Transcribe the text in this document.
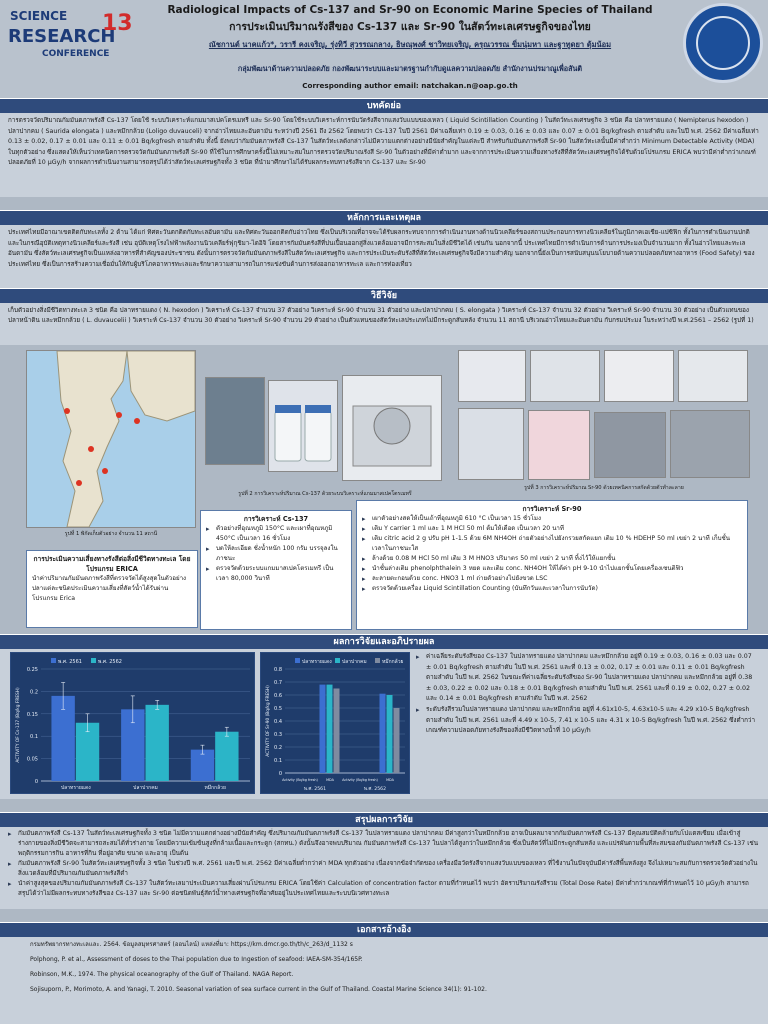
SCIENCE
RESEARCH
CONFERENCE
13
Radiological Impacts of Cs-137 and Sr-90 on Economic Marine Species of Thailand
การประเมินปริมาณรังสีของ Cs-137 และ Sr-90 ในสัตว์ทะเลเศรษฐกิจของไทย
ณัชกานต์ นาคแก้ว*, วรารี คงเจริญ, รุ่งทิวี สุวรรณกลาง, ธิษณุพงศ์ ชาวิทยเจริญ, ครุณวรรณ ขิ่มนุ่มหา และฐาทูดยา ตุ้มน้อม
กลุ่มพัฒนาด้านความปลอดภัย กองพัฒนาระบบและมาตรฐานกำกับดูแลความปลอดภัย สำนักงานปรมาณูเพื่อสันติ
Corresponding author email: natchakan.n@oap.go.th
บทคัดย่อ
การตรวจวัดปริมาณกัมมันตภาพรังสี Cs-137 โดยใช้ ระบบวิเคราะห์แกมมาสเปคโตรเมทรี และ Sr-90 โดยใช้ระบบวิเคราะห์การนับวัดรังสีจากแสงวับแบบของเหลว ( Liquid Scintillation Counting ) ในสัตว์ทะเลเศรษฐกิจ 3 ชนิด คือ ปลาทรายแดง ( Nemipterus hexodon ) ปลาปากคม ( Saurida elongata ) และหมึกกล้วย (Loligo duvauceli) จากอ่าวไทยและอันดามัน ระหว่างปี 2561 ถึง 2562 โดยพบว่า Cs-137 ในปี 2561 มีค่าเฉลี่ยเท่า 0.19 ± 0.03, 0.16 ± 0.03 และ 0.07 ± 0.01 Bq/kgfresh ตามลำดับ และในปี พ.ศ. 2562 มีค่าเฉลี่ยเท่า 0.13 ± 0.02, 0.17 ± 0.01 และ 0.11 ± 0.01 Bq/kgfresh ตามลำดับ ทั้งนี้ ยังพบว่ากัมมันตภาพรังสี Cs-137 ในสัตว์ทะเลดังกล่าวไม่มีความแตกต่างอย่างมีนัยสำคัญในแต่ละปี สำหรับกัมมันตภาพรังสี Sr-90 ในสัตว์ทะเลนั้นมีค่าต่ำกว่า Minimum Detectable Activity (MDA) ในทุกตัวอย่าง ซึ่งแสดงให้เห็นว่าเทคนิคการตรวจวัดกัมมันตภาพรังสี Sr-90 ที่ใช้ในการศึกษาครั้งนี้ไม่เหมาะสมในการตรวจวัดปริมาณรังสี Sr-90 ในตัวอย่างที่มีค่าต่ำมาก และจากการประเมินความเสี่ยงทางรังสีที่สัตว์ทะเลเศรษฐกิจได้รับด้วยโปรแกรม ERICA พบว่ามีค่าต่ำกว่าเกณฑ์ปลอดภัยที่ 10 μGy/h จากผลการดำเนินงานสามารถสรุปได้ว่าสัตว์ทะเลเศรษฐกิจทั้ง 3 ชนิด ที่นำมาศึกษาไม่ได้รับผลกระทบทางรังสีจาก Cs-137 และ Sr-90
หลักการและเหตุผล
ประเทศไทยมีอาณาเขตติดกับทะเลทั้ง 2 ด้าน ได้แก่ ทิศตะวันตกติดกับทะเลอันดามัน และทิศตะวันออกติดกับอ่าวไทย ซึ่งเป็นบริเวณที่อาจจะได้รับผลกระทบจากการดำเนินงานทางด้านนิวเคลียร์ของสถานประกอบการทางนิวเคลียร์ในภูมิภาคเอเชีย-แปซิฟิก ทั้งในการดำเนินงานปกติและในกรณีอุบัติเหตุทางนิวเคลียร์และรังสี เช่น อุบัติเหตุโรงไฟฟ้าพลังงานนิวเคลียร์ฟุกุชิมา-ไดอิจิ โดยสารกัมมันตรังสีที่ปนเปื้อนออกสู่สิ่งแวดล้อมอาจมีการสะสมในสิ่งมีชีวิตได้ เช่นกัน นอกจากนี้ ประเทศไทยมีการดำเนินการด้านการประมงเป็นจำนวนมาก ทั้งในอ่าวไทยและทะเลอันดามัน ซึ่งสัตว์ทะเลเศรษฐกิจเป็นแหล่งอาหารที่สำคัญของประชาชน ดังนั้นการตรวจวัดกัมมันตภาพรังสีในสัตว์ทะเลเศรษฐกิจ และการประเมินระดับรังสีที่สัตว์ทะเลเศรษฐกิจจึงมีความสำคัญ นอกจากนี้ยังเป็นการสนับสนุนนโยบายด้านความปลอดภัยทางอาหาร (Food Safety) ของประเทศไทย ซึ่งเป็นการสร้างความเชื่อมั่นให้กับผู้บริโภคอาหารทะเลและรักษาความสามารถในการแข่งขันด้านการส่งออกอาหารทะเล และการท่องเที่ยว
วิธีวิจัย
เก็บตัวอย่างสิ่งมีชีวิตทางทะเล 3 ชนิด คือ ปลาทรายแดง ( N. hexodon ) วิเคราะห์ Cs-137 จำนวน 37 ตัวอย่าง วิเคราะห์ Sr-90 จำนวน 31 ตัวอย่าง และปลาปากคม ( S. elongata ) วิเคราะห์ Cs-137 จำนวน 32 ตัวอย่าง วิเคราะห์ Sr-90 จำนวน 30 ตัวอย่าง เป็นตัวแทนของปลาหน้าดิน และหมึกกล้วย ( L. duvaucelii ) วิเคราะห์ Cs-137 จำนวน 30 ตัวอย่าง วิเคราะห์ Sr-90 จำนวน 29 ตัวอย่าง เป็นตัวแทนของสัตว์ทะเลประเภทไม่มีกระดูกสันหลัง จำนวน 11 สถานี บริเวณอ่าวไทยและอันดามัน กับกรมประมง ในระหว่างปี พ.ศ.2561 – 2562 (รูปที่ 1)
รูปที่ 1 พิกัดเก็บตัวอย่าง จำนวน 11 สถานี
การประเมินความเสี่ยงทางรังสีต่อสิ่งมีชีวิตทางทะเล โดยโปรแกรม ERICA
นำค่าปริมาณกัมมันตภาพรังสีที่ตรวจวัดได้สูงสุดในตัวอย่างปลาแต่ละชนิดประเมินความเสี่ยงที่สัตว์น้ำได้รับผ่านโปรแกรม Erica
รูปที่ 2 การวิเคราะห์ปริมาณ Cs-137 ด้วยระบบวิเคราะห์แกมมาสเปคโตรเมทรี
รูปที่ 3 การวิเคราะห์ปริมาณ Sr-90 ด้วยเทคนิคการสกัดด้วยตัวทำละลาย
การวิเคราะห์ Cs-137
▸ ตัวอย่างที่อุณหภูมิ 150°C และเผาที่อุณหภูมิ 450°C เป็นเวลา 16 ชั่วโมง
▸ บดให้ละเอียด ชั่งน้ำหนัก 100 กรัม บรรจุลงในภาชนะ
▸ ตรวจวัดด้วยระบบแกมมาสเปคโตรเมทรี เป็นเวลา 80,000 วินาที
การวิเคราะห์ Sr-90
▸ เผาตัวอย่างสดให้เป็นเถ้าที่อุณหภูมิ 610 °C เป็นเวลา 15 ชั่วโมง
▸ เติม Y carrier 1 ml และ 1 M HCl 50 ml ต้มให้เดือด เป็นเวลา 20 นาที
▸ เติม citric acid 2 g ปรับ pH 1-1.5 ด้วย 6M NH4OH ถ่ายตัวอย่างไปยังกรวยสกัดแยก เติม 10 % HDEHP 50 ml เขย่า 2 นาที เก็บชั้นเวลาในภาชนะใส
▸ ล้างด้วย 0.08 M HCl 50 ml เติม 3 M HNO3 ปริมาตร 50 ml เขย่า 2 นาที ทิ้งไว้ให้แยกชั้น
▸ นำชั้นล่างเติม phenolphthalein 3 หยด และเติม conc. NH4OH ให้ได้ค่า pH 9-10 นำไปแยกชั้นโดยเครื่องเซนติฟิว
▸ ละลายตะกอนด้วย conc. HNO3 1 ml ถ่ายตัวอย่างไปยังขวด LSC
▸ ตรวจวัดด้วยเครื่อง Liquid Scintillation Counting (บันทึกวันและเวลาในการนับวัด)
ผลการวิจัยและอภิปรายผล
0
0.05
0.1
0.15
0.2
0.25
ACTIVITY OF Cs-137 (Bq/kg FRESH)
พ.ศ. 2561	พ.ศ. 2562
ปลาทรายแดง	ปลาปากคม	หมึกกล้วย
0
0.1
0.2
0.3
0.4
0.5
0.6
0.7
0.8
ACTIVITY OF Sr-90 (Bq/kg FRESH)
ปลาทรายแดง ปลาปากคม	หมึกกล้วย
Activity (Bq/kg fresh) MDA Activity (Bq/kg fresh) MDA
พ.ศ. 2561	พ.ศ. 2562
▸ ค่าเฉลี่ยระดับรังสีของ Cs-137 ในปลาทรายแดง ปลาปากคม และหมึกกล้วย อยู่ที่ 0.19 ± 0.03, 0.16 ± 0.03 และ 0.07 ± 0.01 Bq/kgfresh ตามลำดับ ในปี พ.ศ. 2561 และที่ 0.13 ± 0.02, 0.17 ± 0.01 และ 0.11 ± 0.01 Bq/kgfresh ตามลำดับ ในปี พ.ศ. 2562 ในขณะที่ค่าเฉลี่ยระดับรังสีของ Sr-90 ในปลาทรายแดง ปลาปากคม และหมึกกล้วย อยู่ที่ 0.38 ± 0.03, 0.22 ± 0.02 และ 0.18 ± 0.01 Bq/kgfresh ตามลำดับ ในปี พ.ศ. 2561 และที่ 0.19 ± 0.02, 0.27 ± 0.02 และ 0.14 ± 0.01 Bq/kgfresh ตามลำดับ ในปี พ.ศ. 2562
▸ ระดับรังสีรวมในปลาทรายแดง ปลาปากคม และหมึกกล้วย อยู่ที่ 4.61x10-5, 4.63x10-5 และ 4.29 x10-5 Bq/kgfresh ตามลำดับ ในปี พ.ศ. 2561 และที่ 4.49 x 10-5, 7.41 x 10-5 และ 4.31 x 10-5 Bq/kgfresh ในปี พ.ศ. 2562 ซึ่งต่ำกว่าเกณฑ์ความปลอดภัยทางรังสีของสิ่งมีชีวิตทางน้ำที่ 10 μGy/h
สรุปผลการวิจัย
▸ กัมมันตภาพรังสี Cs-137 ในสัตว์ทะเลเศรษฐกิจทั้ง 3 ชนิด ไม่มีความแตกต่างอย่างมีนัยสำคัญ ซึ่งปริมาณกัมมันตภาพรังสี Cs-137 ในปลาทรายแดง ปลาปากคม มีค่าสูงกว่าในหมึกกล้วย อาจเป็นผลมาจากกัมมันตภาพรังสี Cs-137 มีคุณสมบัติคล้ายกับโปแตสเซียม เมื่อเข้าสู่ร่างกายของสิ่งมีชีวิตจะสามารถสะสมได้ทั่วร่างกาย โดยมีความเข้มข้นสูงที่กล้ามเนื้อและกระดูก (สกทน.) ดังนั้นจึงอาจพบปริมาณ กัมมันตภาพรังสี Cs-137 ในปลาได้สูงกว่าในหมึกกล้วย ซึ่งเป็นสัตว์ที่ไม่มีกระดูกสันหลัง และแปรผันตามพื้นที่สะสมของกัมมันตภาพรังสี Cs-137 เช่น พฤติกรรมการกิน อาหารที่กิน ที่อยู่อาศัย ขนาด และอายุ เป็นต้น
▸ กัมมันตภาพรังสี Sr-90 ในสัตว์ทะเลเศรษฐกิจทั้ง 3 ชนิด ในช่วงปี พ.ศ. 2561 และปี พ.ศ. 2562 มีค่าเฉลี่ยต่ำกว่าค่า MDA ทุกตัวอย่าง เนื่องจากข้อจำกัดของ เครื่องมือวัดรังสีจากแสงวับแบบของเหลว ที่ใช้งานในปัจจุบันมีค่ารังสีพื้นหลังสูง จึงไม่เหมาะสมกับการตรวจวัดตัวอย่างในสิ่งแวดล้อมที่มีปริมาณกัมมันตภาพรังสีต่ำ
▸ นำค่าสูงสุดของปริมาณกัมมันตภาพรังสี Cs-137 ในสัตว์ทะเลมาประเมินความเสี่ยงผ่านโปรแกรม ERICA โดยใช้ค่า Calculation of concentration factor ตามที่กำหนดไว้ พบว่า อัตราปริมาณรังสีรวม (Total Dose Rate) มีค่าต่ำกว่าเกณฑ์ที่กำหนดไว้ 10 μGy/h สามารถสรุปได้ว่าไม่มีผลกระทบทางรังสีของ Cs-137 และ Sr-90 ต่อชนิดพันธุ์สัตว์น้ำทางเศรษฐกิจที่อาศัยอยู่ในประเทศไทยและระบบนิเวศทางทะเล
เอกสารอ้างอิง
กรมทรัพยากรทางทะเลและ. 2564. ข้อมูลสมุทรศาสตร์ (ออนไลน์) แหล่งที่มา: https://km.dmcr.go.th/th/c_263/d_1132 s
Polphong, P. et al., Assessment of doses to the Thai population due to Ingestion of seafood: IAEA-SM-354/165P.
Robinson, M.K., 1974. The physical oceanography of the Gulf of Thailand. NAGA Report.
Sojisuporn, P., Morimoto, A. and Yanagi, T. 2010. Seasonal variation of sea surface current in the Gulf of Thailand. Coastal Marine Science 34(1): 91-102.
